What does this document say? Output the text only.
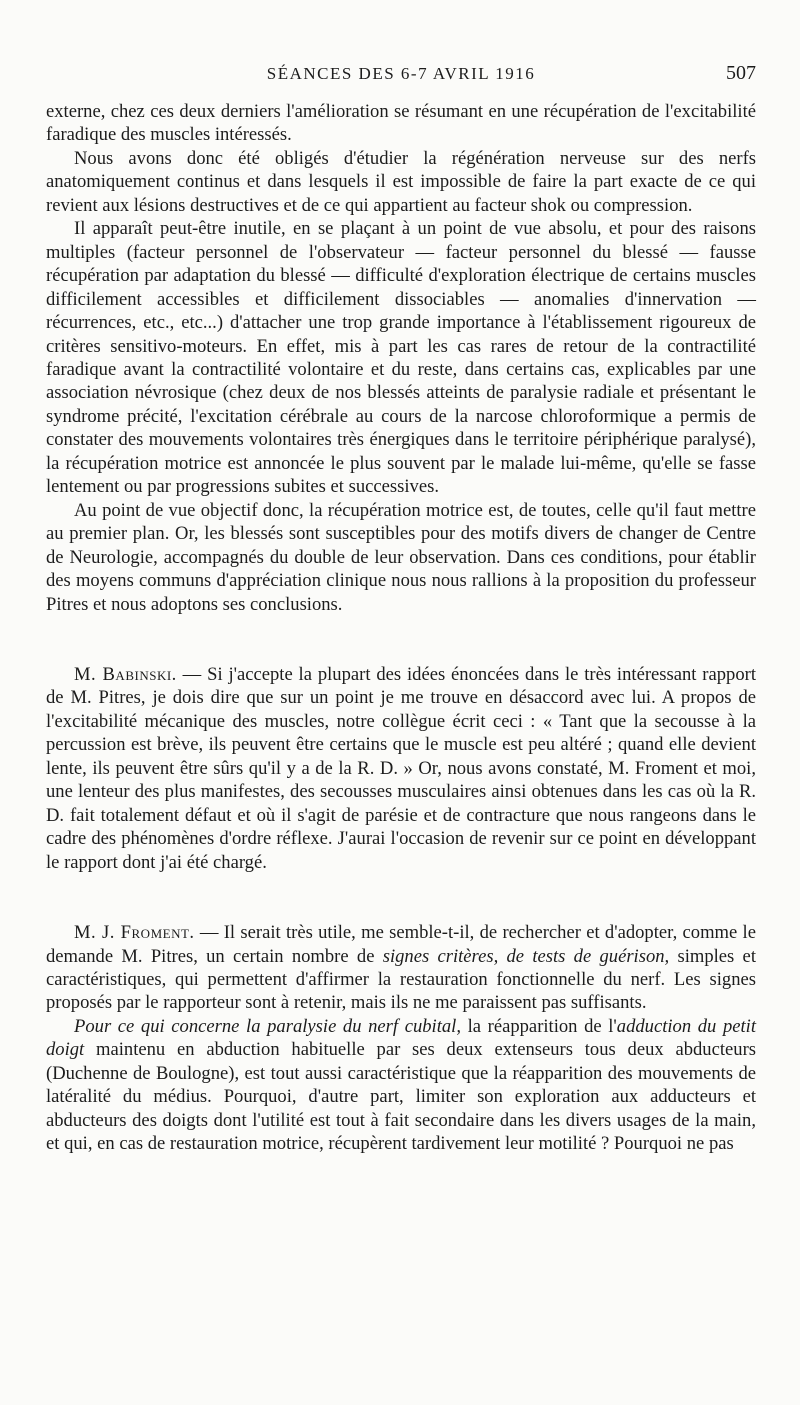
SÉANCES DES 6-7 AVRIL 1916	507

externe, chez ces deux derniers l'amélioration se résumant en une récupération de l'excitabilité faradique des muscles intéressés.

Nous avons donc été obligés d'étudier la régénération nerveuse sur des nerfs anatomiquement continus et dans lesquels il est impossible de faire la part exacte de ce qui revient aux lésions destructives et de ce qui appartient au facteur shok ou compression.

Il apparaît peut-être inutile, en se plaçant à un point de vue absolu, et pour des raisons multiples (facteur personnel de l'observateur — facteur personnel du blessé — fausse récupération par adaptation du blessé — difficulté d'exploration électrique de certains muscles difficilement accessibles et difficilement dissociables — anomalies d'innervation — récurrences, etc., etc...) d'attacher une trop grande importance à l'établissement rigoureux de critères sensitivo-moteurs. En effet, mis à part les cas rares de retour de la contractilité faradique avant la contractilité volontaire et du reste, dans certains cas, explicables par une association névrosique (chez deux de nos blessés atteints de paralysie radiale et présentant le syndrome précité, l'excitation cérébrale au cours de la narcose chloroformique a permis de constater des mouvements volontaires très énergiques dans le territoire périphérique paralysé), la récupération motrice est annoncée le plus souvent par le malade lui-même, qu'elle se fasse lentement ou par progressions subites et successives.

Au point de vue objectif donc, la récupération motrice est, de toutes, celle qu'il faut mettre au premier plan. Or, les blessés sont susceptibles pour des motifs divers de changer de Centre de Neurologie, accompagnés du double de leur observation. Dans ces conditions, pour établir des moyens communs d'appréciation clinique nous nous rallions à la proposition du professeur Pitres et nous adoptons ses conclusions.

M. Babinski. — Si j'accepte la plupart des idées énoncées dans le très intéressant rapport de M. Pitres, je dois dire que sur un point je me trouve en désaccord avec lui. A propos de l'excitabilité mécanique des muscles, notre collègue écrit ceci : « Tant que la secousse à la percussion est brève, ils peuvent être certains que le muscle est peu altéré ; quand elle devient lente, ils peuvent être sûrs qu'il y a de la R. D. » Or, nous avons constaté, M. Froment et moi, une lenteur des plus manifestes, des secousses musculaires ainsi obtenues dans les cas où la R. D. fait totalement défaut et où il s'agit de parésie et de contracture que nous rangeons dans le cadre des phénomènes d'ordre réflexe. J'aurai l'occasion de revenir sur ce point en développant le rapport dont j'ai été chargé.

M. J. Froment. — Il serait très utile, me semble-t-il, de rechercher et d'adopter, comme le demande M. Pitres, un certain nombre de signes critères, de tests de guérison, simples et caractéristiques, qui permettent d'affirmer la restauration fonctionnelle du nerf. Les signes proposés par le rapporteur sont à retenir, mais ils ne me paraissent pas suffisants.

Pour ce qui concerne la paralysie du nerf cubital, la réapparition de l'adduction du petit doigt maintenu en abduction habituelle par ses deux extenseurs tous deux abducteurs (Duchenne de Boulogne), est tout aussi caractéristique que la réapparition des mouvements de latéralité du médius. Pourquoi, d'autre part, limiter son exploration aux adducteurs et abducteurs des doigts dont l'utilité est tout à fait secondaire dans les divers usages de la main, et qui, en cas de restauration motrice, récupèrent tardivement leur motilité ? Pourquoi ne pas
